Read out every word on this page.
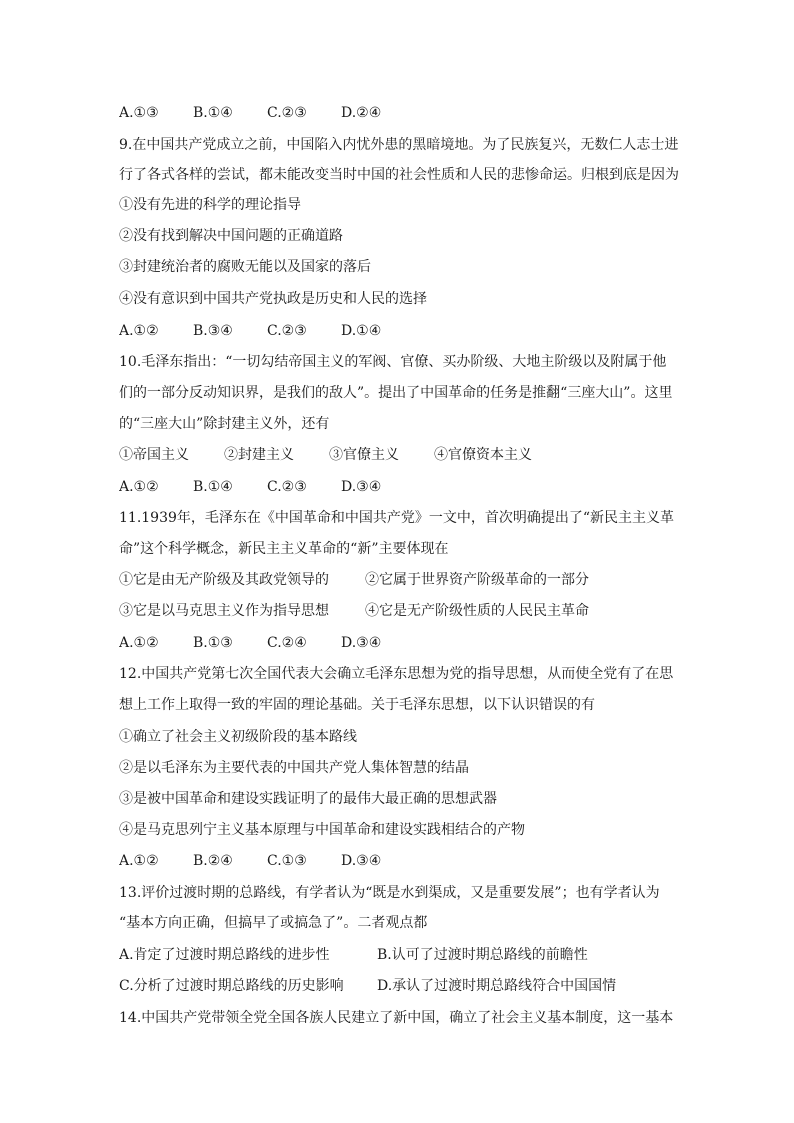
A.①③	B.①④	C.②③	D.②④
9.在中国共产党成立之前，中国陷入内忧外患的黑暗境地。为了民族复兴，无数仁人志士进
行了各式各样的尝试，都未能改变当时中国的社会性质和人民的悲惨命运。归根到底是因为
①没有先进的科学的理论指导
②没有找到解决中国问题的正确道路
③封建统治者的腐败无能以及国家的落后
④没有意识到中国共产党执政是历史和人民的选择
A.①②	B.③④	C.②③	D.①④
10.毛泽东指出：“一切勾结帝国主义的军阀、官僚、买办阶级、大地主阶级以及附属于他
们的一部分反动知识界，是我们的敌人”。提出了中国革命的任务是推翻“三座大山”。这里
的“三座大山”除封建主义外，还有
①帝国主义	②封建主义	③官僚主义	④官僚资本主义
A.①②	B.①④	C.②③	D.③④
11.1939年，毛泽东在《中国革命和中国共产党》一文中，首次明确提出了“新民主主义革
命”这个科学概念，新民主主义革命的“新”主要体现在
①它是由无产阶级及其政党领导的	②它属于世界资产阶级革命的一部分
③它是以马克思主义作为指导思想	④它是无产阶级性质的人民民主革命
A.①②	B.①③	C.②④	D.③④
12.中国共产党第七次全国代表大会确立毛泽东思想为党的指导思想，从而使全党有了在思
想上工作上取得一致的牢固的理论基础。关于毛泽东思想，以下认识错误的有
①确立了社会主义初级阶段的基本路线
②是以毛泽东为主要代表的中国共产党人集体智慧的结晶
③是被中国革命和建设实践证明了的最伟大最正确的思想武器
④是马克思列宁主义基本原理与中国革命和建设实践相结合的产物
A.①②	B.②④	C.①③	D.③④
13.评价过渡时期的总路线，有学者认为“既是水到渠成，又是重要发展”；也有学者认为
“基本方向正确，但搞早了或搞急了”。二者观点都
A.肯定了过渡时期总路线的进步性	B.认可了过渡时期总路线的前瞻性
C.分析了过渡时期总路线的历史影响	D.承认了过渡时期总路线符合中国国情
14.中国共产党带领全党全国各族人民建立了新中国，确立了社会主义基本制度，这一基本
